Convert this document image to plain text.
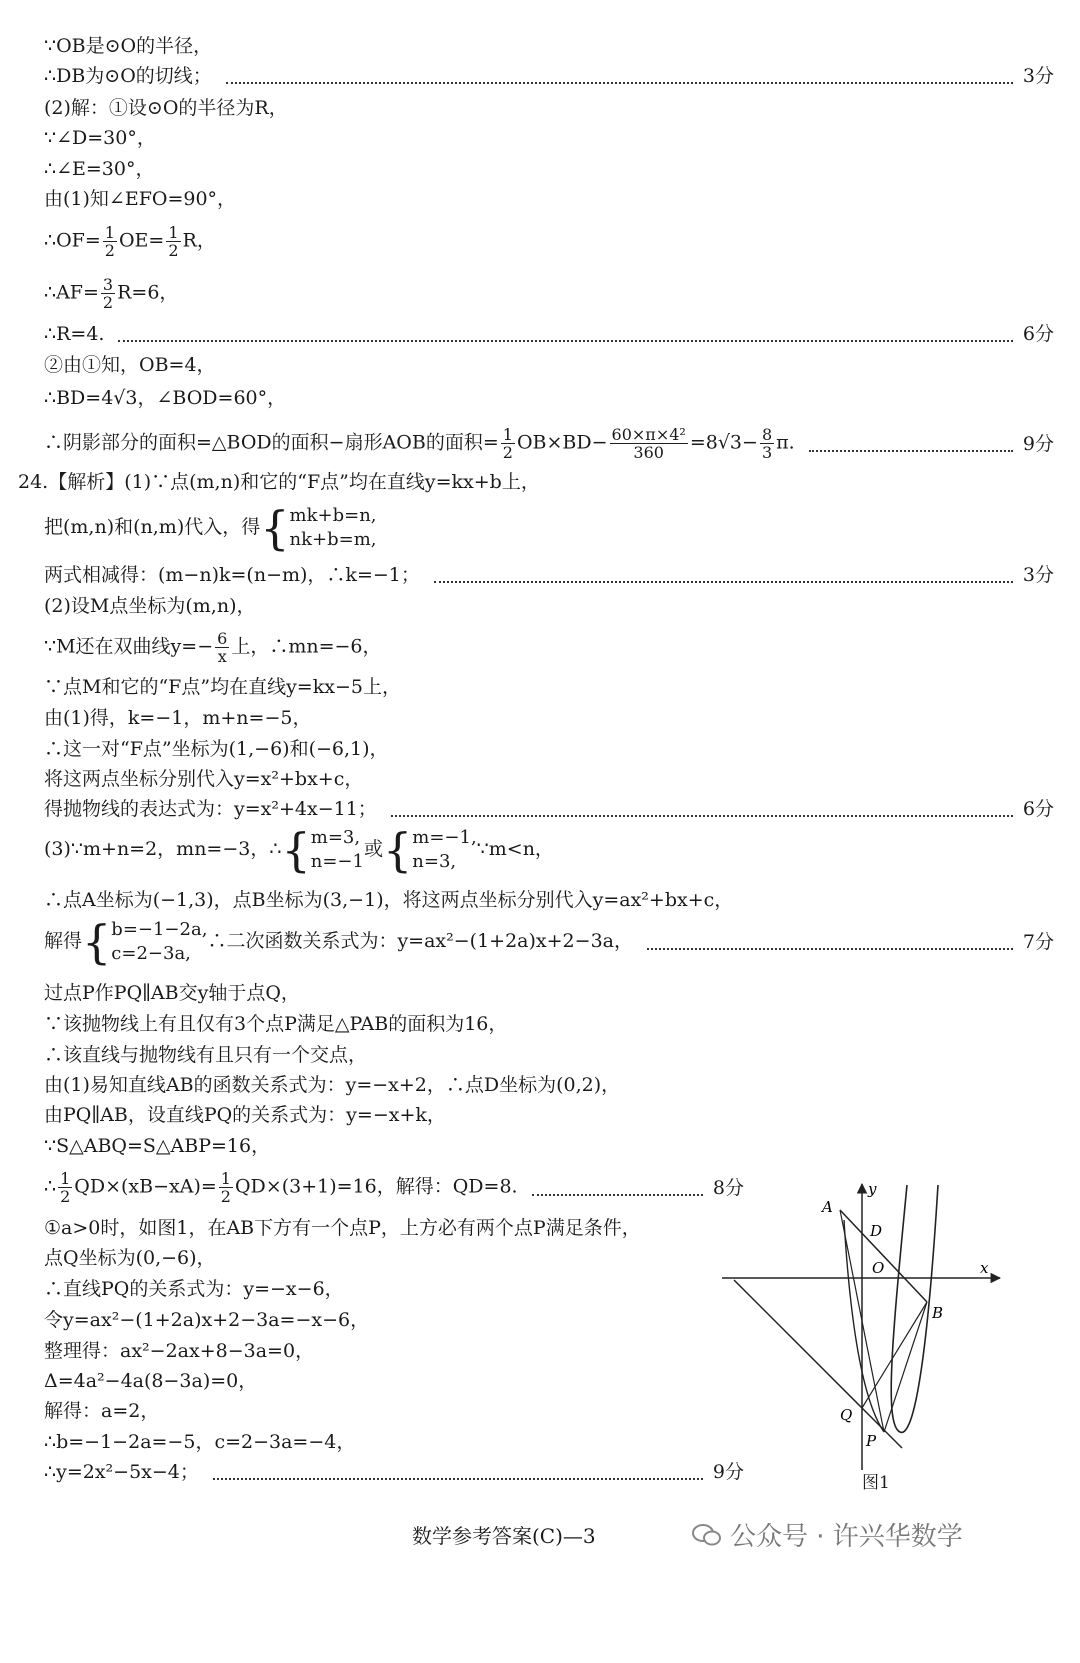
∵OB是⊙O的半径，
∴DB为⊙O的切线；	3分
(2)解：①设⊙O的半径为R，
∵∠D=30°，
∴∠E=30°，
由(1)知∠EFO=90°，
∴OF= $\frac{1}{2} OE= \frac{1}{2}$ R，
∴AF= $\frac{3}{2} R=6$，
∴R=4.	6分
②由①知，OB=4，
∴BD=4√3，∠BOD=60°，
∴阴影部分的面积=△BOD的面积−扇形AOB的面积= $\frac{1}{2} OB\times BD- \frac{\text{60×π×4²}}{360} =8√3- \frac{8}{3} \pi$.	9分
24.【解析】(1)∵点(m,n)和它的“F点”均在直线y=kx+b上，
把(m,n)和(n,m)代入，得{ mk+b=n,
nk+b=m,
两式相减得：(m−n)k=(n−m)，∴k=−1；	3分
(2)设M点坐标为(m,n)，
∵M还在双曲线$y=- \frac{6}{x}$ 上，∴mn=−6，
∵点M和它的“F点”均在直线y=kx−5上，
由(1)得，k=−1，m+n=−5，
∴这一对“F点”坐标为(1,−6)和(−6,1)，
将这两点坐标分别代入y=x²+bx+c，
得抛物线的表达式为：y=x²+4x−11；	6分
(3)∵m+n=2，mn=−3，∴{ m=3,
n=−1
或{ m=−1,
n=3,
∵m<n，
∴点A坐标为(−1,3)，点B坐标为(3,−1)，将这两点坐标分别代入y=ax²+bx+c，
解得{ b=−1−2a,
c=2−3a,
∴二次函数关系式为：y=ax²−(1+2a)x+2−3a，	7分
过点P作PQ∥AB交y轴于点Q，
∵该抛物线上有且仅有3个点P满足△PAB的面积为16，
∴该直线与抛物线有且只有一个交点，
由(1)易知直线AB的函数关系式为：y=−x+2，∴点D坐标为(0,2)，
由PQ∥AB，设直线PQ的关系式为：y=−x+k，
∵S△ABQ=S△ABP=16，
∴ $\frac{1}{2} QD\times(xB-xA)= \frac{1}{2} QD\times(3+1)=16$，解得：QD=8.	8分
①a>0时，如图1，在AB下方有一个点P，上方必有两个点P满足条件，
点Q坐标为(0,−6)，
∴直线PQ的关系式为：y=−x−6，
令y=ax²−(1+2a)x+2−3a=−x−6，
整理得：ax²−2ax+8−3a=0，
Δ=4a²−4a(8−3a)=0，
解得：a=2，
∴b=−1−2a=−5，c=2−3a=−4，
∴y=2x²−5x−4；	9分
A
D
O
B
Q
P
x
y
图1
数学参考答案(C)—3	公众号 · 许兴华数学
